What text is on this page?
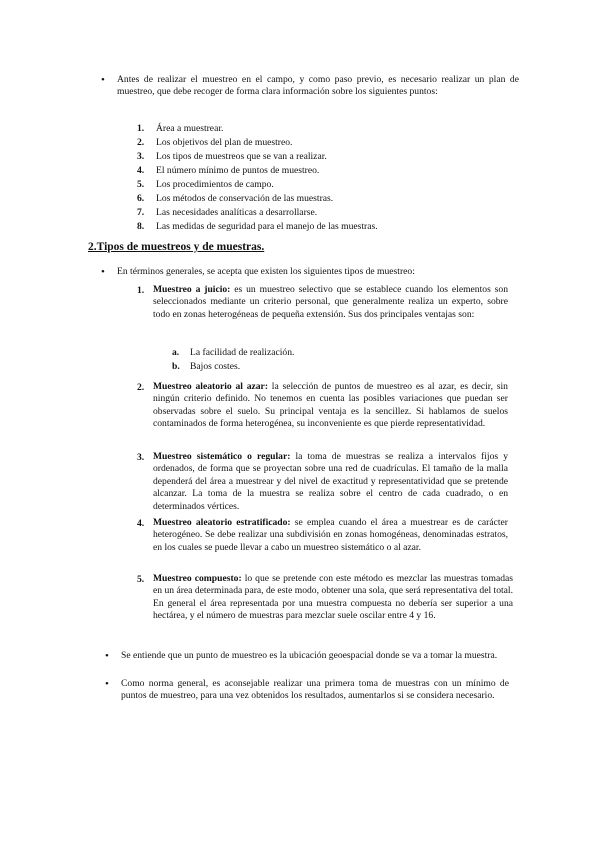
• Antes de realizar el muestreo en el campo, y como paso previo, es necesario realizar un plan de muestreo, que debe recoger de forma clara información sobre los siguientes puntos:
1. Área a muestrear.
2. Los objetivos del plan de muestreo.
3. Los tipos de muestreos que se van a realizar.
4. El número mínimo de puntos de muestreo.
5. Los procedimientos de campo.
6. Los métodos de conservación de las muestras.
7. Las necesidades analíticas a desarrollarse.
8. Las medidas de seguridad para el manejo de las muestras.
2.Tipos de muestreos y de muestras.
• En términos generales, se acepta que existen los siguientes tipos de muestreo:
1. Muestreo a juicio: es un muestreo selectivo que se establece cuando los elementos son seleccionados mediante un criterio personal, que generalmente realiza un experto, sobre todo en zonas heterogéneas de pequeña extensión. Sus dos principales ventajas son:
a. La facilidad de realización.
b. Bajos costes.
2. Muestreo aleatorio al azar: la selección de puntos de muestreo es al azar, es decir, sin ningún criterio definido. No tenemos en cuenta las posibles variaciones que puedan ser observadas sobre el suelo. Su principal ventaja es la sencillez. Si hablamos de suelos contaminados de forma heterogénea, su inconveniente es que pierde representatividad.
3. Muestreo sistemático o regular: la toma de muestras se realiza a intervalos fijos y ordenados, de forma que se proyectan sobre una red de cuadrículas. El tamaño de la malla dependerá del área a muestrear y del nivel de exactitud y representatividad que se pretende alcanzar. La toma de la muestra se realiza sobre el centro de cada cuadrado, o en determinados vértices.
4. Muestreo aleatorio estratificado: se emplea cuando el área a muestrear es de carácter heterogéneo. Se debe realizar una subdivisión en zonas homogéneas, denominadas estratos, en los cuales se puede llevar a cabo un muestreo sistemático o al azar.
5. Muestreo compuesto: lo que se pretende con este método es mezclar las muestras tomadas en un área determinada para, de este modo, obtener una sola, que será representativa del total. En general el área representada por una muestra compuesta no debería ser superior a una hectárea, y el número de muestras para mezclar suele oscilar entre 4 y 16.
• Se entiende que un punto de muestreo es la ubicación geoespacial donde se va a tomar la muestra.
• Como norma general, es aconsejable realizar una primera toma de muestras con un mínimo de puntos de muestreo, para una vez obtenidos los resultados, aumentarlos si se considera necesario.
